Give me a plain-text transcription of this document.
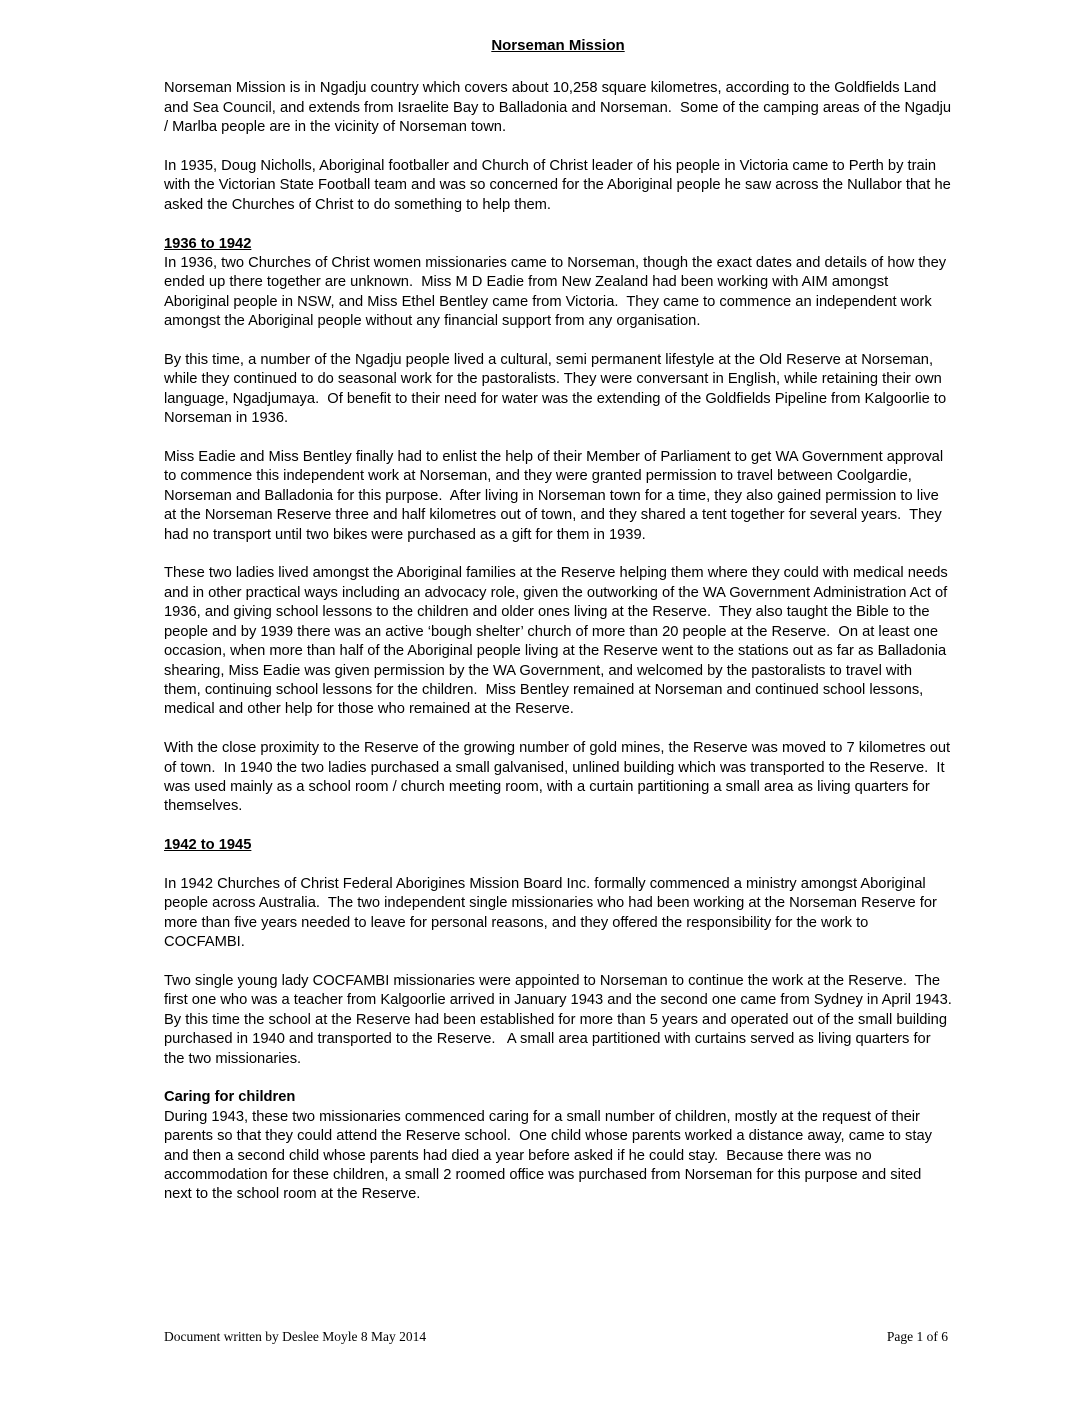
Norseman Mission
Norseman Mission is in Ngadju country which covers about 10,258 square kilometres, according to the Goldfields Land and Sea Council, and extends from Israelite Bay to Balladonia and Norseman.  Some of the camping areas of the Ngadju / Marlba people are in the vicinity of Norseman town.
In 1935, Doug Nicholls, Aboriginal footballer and Church of Christ leader of his people in Victoria came to Perth by train with the Victorian State Football team and was so concerned for the Aboriginal people he saw across the Nullabor that he asked the Churches of Christ to do something to help them.
1936 to 1942
In 1936, two Churches of Christ women missionaries came to Norseman, though the exact dates and details of how they ended up there together are unknown.  Miss M D Eadie from New Zealand had been working with AIM amongst Aboriginal people in NSW, and Miss Ethel Bentley came from Victoria.  They came to commence an independent work amongst the Aboriginal people without any financial support from any organisation.
By this time, a number of the Ngadju people lived a cultural, semi permanent lifestyle at the Old Reserve at Norseman, while they continued to do seasonal work for the pastoralists. They were conversant in English, while retaining their own language, Ngadjumaya.  Of benefit to their need for water was the extending of the Goldfields Pipeline from Kalgoorlie to Norseman in 1936.
Miss Eadie and Miss Bentley finally had to enlist the help of their Member of Parliament to get WA Government approval to commence this independent work at Norseman, and they were granted permission to travel between Coolgardie, Norseman and Balladonia for this purpose.  After living in Norseman town for a time, they also gained permission to live at the Norseman Reserve three and half kilometres out of town, and they shared a tent together for several years.  They had no transport until two bikes were purchased as a gift for them in 1939.
These two ladies lived amongst the Aboriginal families at the Reserve helping them where they could with medical needs and in other practical ways including an advocacy role, given the outworking of the WA Government Administration Act of 1936, and giving school lessons to the children and older ones living at the Reserve.  They also taught the Bible to the people and by 1939 there was an active ‘bough shelter’ church of more than 20 people at the Reserve.  On at least one occasion, when more than half of the Aboriginal people living at the Reserve went to the stations out as far as Balladonia shearing, Miss Eadie was given permission by the WA Government, and welcomed by the pastoralists to travel with them, continuing school lessons for the children.  Miss Bentley remained at Norseman and continued school lessons, medical and other help for those who remained at the Reserve.
With the close proximity to the Reserve of the growing number of gold mines, the Reserve was moved to 7 kilometres out of town.  In 1940 the two ladies purchased a small galvanised, unlined building which was transported to the Reserve.  It was used mainly as a school room / church meeting room, with a curtain partitioning a small area as living quarters for themselves.
1942 to 1945
In 1942 Churches of Christ Federal Aborigines Mission Board Inc. formally commenced a ministry amongst Aboriginal people across Australia.  The two independent single missionaries who had been working at the Norseman Reserve for more than five years needed to leave for personal reasons, and they offered the responsibility for the work to COCFAMBI.
Two single young lady COCFAMBI missionaries were appointed to Norseman to continue the work at the Reserve.  The first one who was a teacher from Kalgoorlie arrived in January 1943 and the second one came from Sydney in April 1943.  By this time the school at the Reserve had been established for more than 5 years and operated out of the small building purchased in 1940 and transported to the Reserve.   A small area partitioned with curtains served as living quarters for the two missionaries.
Caring for children
During 1943, these two missionaries commenced caring for a small number of children, mostly at the request of their parents so that they could attend the Reserve school.  One child whose parents worked a distance away, came to stay and then a second child whose parents had died a year before asked if he could stay.  Because there was no accommodation for these children, a small 2 roomed office was purchased from Norseman for this purpose and sited next to the school room at the Reserve.
Document written by Deslee Moyle 8 May 2014	Page 1 of 6
